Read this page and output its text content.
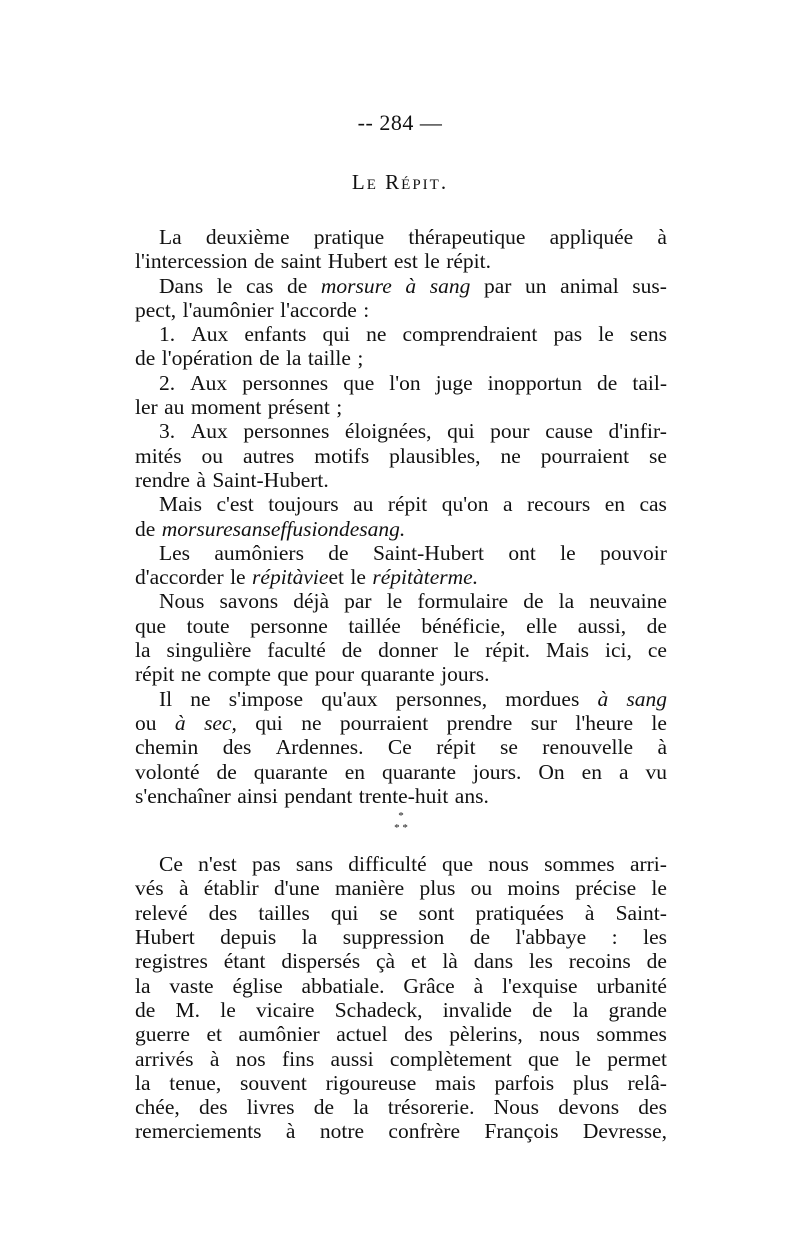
-- 284 —
Le Répit.
La deuxième pratique thérapeutique appliquée à
l'intercession de saint Hubert est le répit.
Dans le cas de morsure à sang par un animal sus-
pect, l'aumônier l'accorde :
1. Aux enfants qui ne comprendraient pas le sens
de l'opération de la taille ;
2. Aux personnes que l'on juge inopportun de tail-
ler au moment présent ;
3. Aux personnes éloignées, qui pour cause d'infir-
mités ou autres motifs plausibles, ne pourraient se
rendre à Saint-Hubert.
Mais c'est toujours au répit qu'on a recours en cas
de morsure sans effusion de sang.
Les aumôniers de Saint-Hubert ont le pouvoir
d'accorder le répit à vie et le répit à terme.
Nous savons déjà par le formulaire de la neuvaine
que toute personne taillée bénéficie, elle aussi, de
la singulière faculté de donner le répit. Mais ici, ce
répit ne compte que pour quarante jours.
Il ne s'impose qu'aux personnes, mordues à sang
ou à sec, qui ne pourraient prendre sur l'heure le
chemin des Ardennes. Ce répit se renouvelle à
volonté de quarante en quarante jours. On en a vu
s'enchaîner ainsi pendant trente-huit ans.
*
* *
Ce n'est pas sans difficulté que nous sommes arri-
vés à établir d'une manière plus ou moins précise le
relevé des tailles qui se sont pratiquées à Saint-
Hubert depuis la suppression de l'abbaye : les
registres étant dispersés çà et là dans les recoins de
la vaste église abbatiale. Grâce à l'exquise urbanité
de M. le vicaire Schadeck, invalide de la grande
guerre et aumônier actuel des pèlerins, nous sommes
arrivés à nos fins aussi complètement que le permet
la tenue, souvent rigoureuse mais parfois plus relâ-
chée, des livres de la trésorerie. Nous devons des
remerciements à notre confrère François Devresse,
